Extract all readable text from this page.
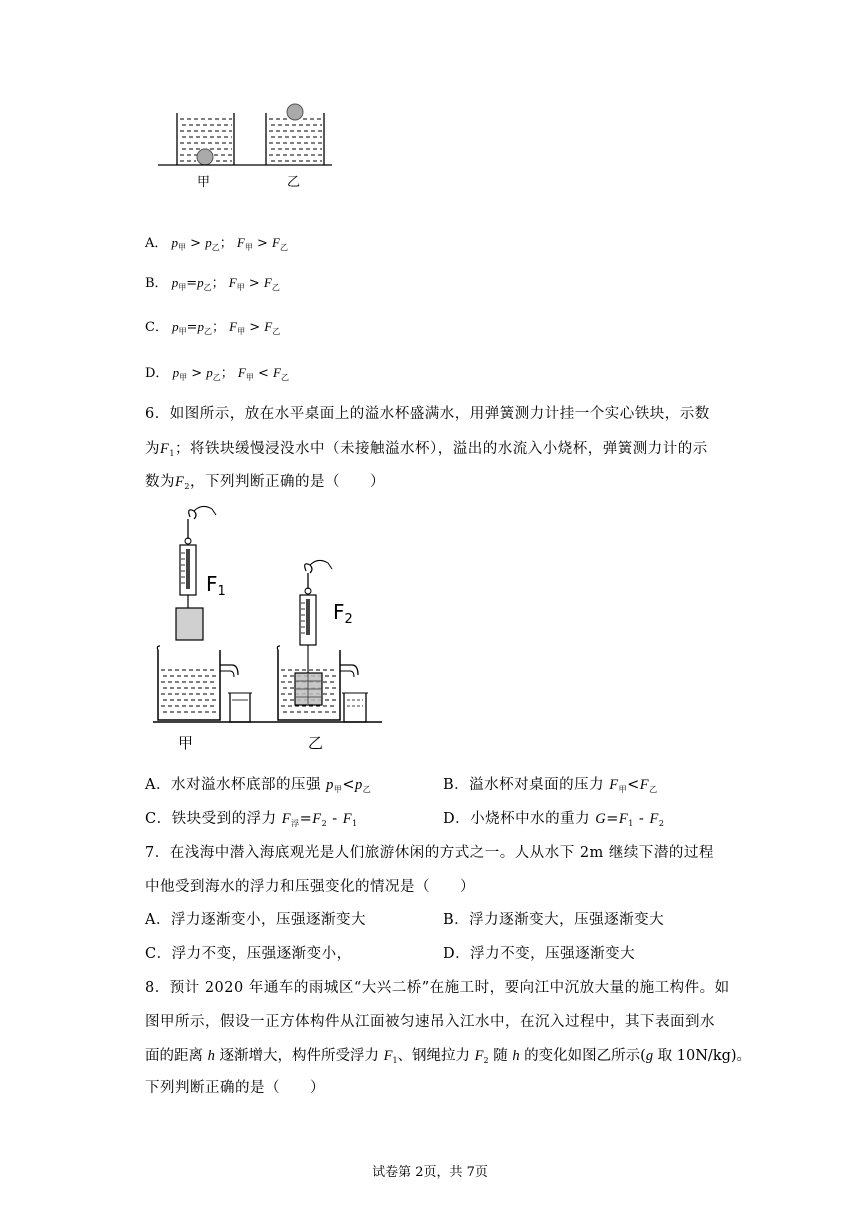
甲	乙
A． $p_甲 > p_乙$； $F_甲 > F_乙$
B． $p_甲=p_乙$； $F_甲 > F_乙$
C． $p_甲=p_乙$； $F_甲 > F_乙$
D． $p_甲 > p_乙$； $F_甲 < F_乙$
6．如图所示，放在水平桌面上的溢水杯盛满水，用弹簧测力计挂一个实心铁块，示数
为$F_1$；将铁块缓慢浸没水中（未接触溢水杯），溢出的水流入小烧杯，弹簧测力计的示
数为$F_2$，下列判断正确的是（　　）
$F_1$
$F_2$
甲	乙
A．水对溢水杯底部的压强 $p_甲<p_乙$	B．溢水杯对桌面的压力 $F_甲<F_乙$
C．铁块受到的浮力 $F_浮=F_2 - F_1$	D．小烧杯中水的重力 $G=F_1 - F_2$
7．在浅海中潜入海底观光是人们旅游休闲的方式之一。人从水下 2m 继续下潜的过程
中他受到海水的浮力和压强变化的情况是（　　）
A．浮力逐渐变小，压强逐渐变大	B．浮力逐渐变大，压强逐渐变大
C．浮力不变，压强逐渐变小，	D．浮力不变，压强逐渐变大
8．预计 2020 年通车的雨城区“大兴二桥”在施工时，要向江中沉放大量的施工构件。如
图甲所示，假设一正方体构件从江面被匀速吊入江水中，在沉入过程中，其下表面到水
面的距离 h 逐渐增大，构件所受浮力 $F_1$、钢绳拉力 $F_2$ 随 h 的变化如图乙所示(g 取 10N/kg)。
下列判断正确的是（　　）
试卷第 2页，共 7页
